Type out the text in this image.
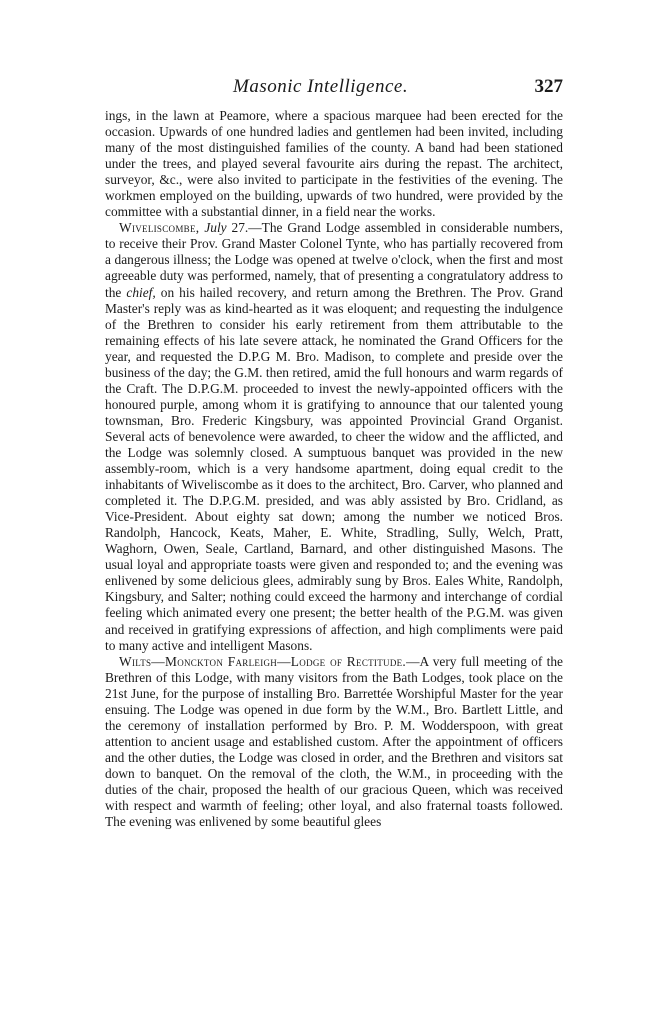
Masonic Intelligence.	327

ings, in the lawn at Peamore, where a spacious marquee had been erected for the occasion. Upwards of one hundred ladies and gentlemen had been invited, including many of the most distinguished families of the county. A band had been stationed under the trees, and played several favourite airs during the repast. The architect, surveyor, &c., were also invited to participate in the festivities of the evening. The workmen employed on the building, upwards of two hundred, were provided by the committee with a substantial dinner, in a field near the works.

Wiveliscombe, July 27.—The Grand Lodge assembled in considerable numbers, to receive their Prov. Grand Master Colonel Tynte, who has partially recovered from a dangerous illness; the Lodge was opened at twelve o'clock, when the first and most agreeable duty was performed, namely, that of presenting a congratulatory address to the chief, on his hailed recovery, and return among the Brethren. The Prov. Grand Master's reply was as kind-hearted as it was eloquent; and requesting the indulgence of the Brethren to consider his early retirement from them attributable to the remaining effects of his late severe attack, he nominated the Grand Officers for the year, and requested the D.P.G M. Bro. Madison, to complete and preside over the business of the day; the G.M. then retired, amid the full honours and warm regards of the Craft. The D.P.G.M. proceeded to invest the newly-appointed officers with the honoured purple, among whom it is gratifying to announce that our talented young townsman, Bro. Frederic Kingsbury, was appointed Provincial Grand Organist. Several acts of benevolence were awarded, to cheer the widow and the afflicted, and the Lodge was solemnly closed. A sumptuous banquet was provided in the new assembly-room, which is a very handsome apartment, doing equal credit to the inhabitants of Wiveliscombe as it does to the architect, Bro. Carver, who planned and completed it. The D.P.G.M. presided, and was ably assisted by Bro. Cridland, as Vice-President. About eighty sat down; among the number we noticed Bros. Randolph, Hancock, Keats, Maher, E. White, Stradling, Sully, Welch, Pratt, Waghorn, Owen, Seale, Cartland, Barnard, and other distinguished Masons. The usual loyal and appropriate toasts were given and responded to; and the evening was enlivened by some delicious glees, admirably sung by Bros. Eales White, Randolph, Kingsbury, and Salter; nothing could exceed the harmony and interchange of cordial feeling which animated every one present; the better health of the P.G.M. was given and received in gratifying expressions of affection, and high compliments were paid to many active and intelligent Masons.

Wilts—Monckton Farleigh—Lodge of Rectitude.—A very full meeting of the Brethren of this Lodge, with many visitors from the Bath Lodges, took place on the 21st June, for the purpose of installing Bro. Barrettée Worshipful Master for the year ensuing. The Lodge was opened in due form by the W.M., Bro. Bartlett Little, and the ceremony of installation performed by Bro. P. M. Wodderspoon, with great attention to ancient usage and established custom. After the appointment of officers and the other duties, the Lodge was closed in order, and the Brethren and visitors sat down to banquet. On the removal of the cloth, the W.M., in proceeding with the duties of the chair, proposed the health of our gracious Queen, which was received with respect and warmth of feeling; other loyal, and also fraternal toasts followed. The evening was enlivened by some beautiful glees
